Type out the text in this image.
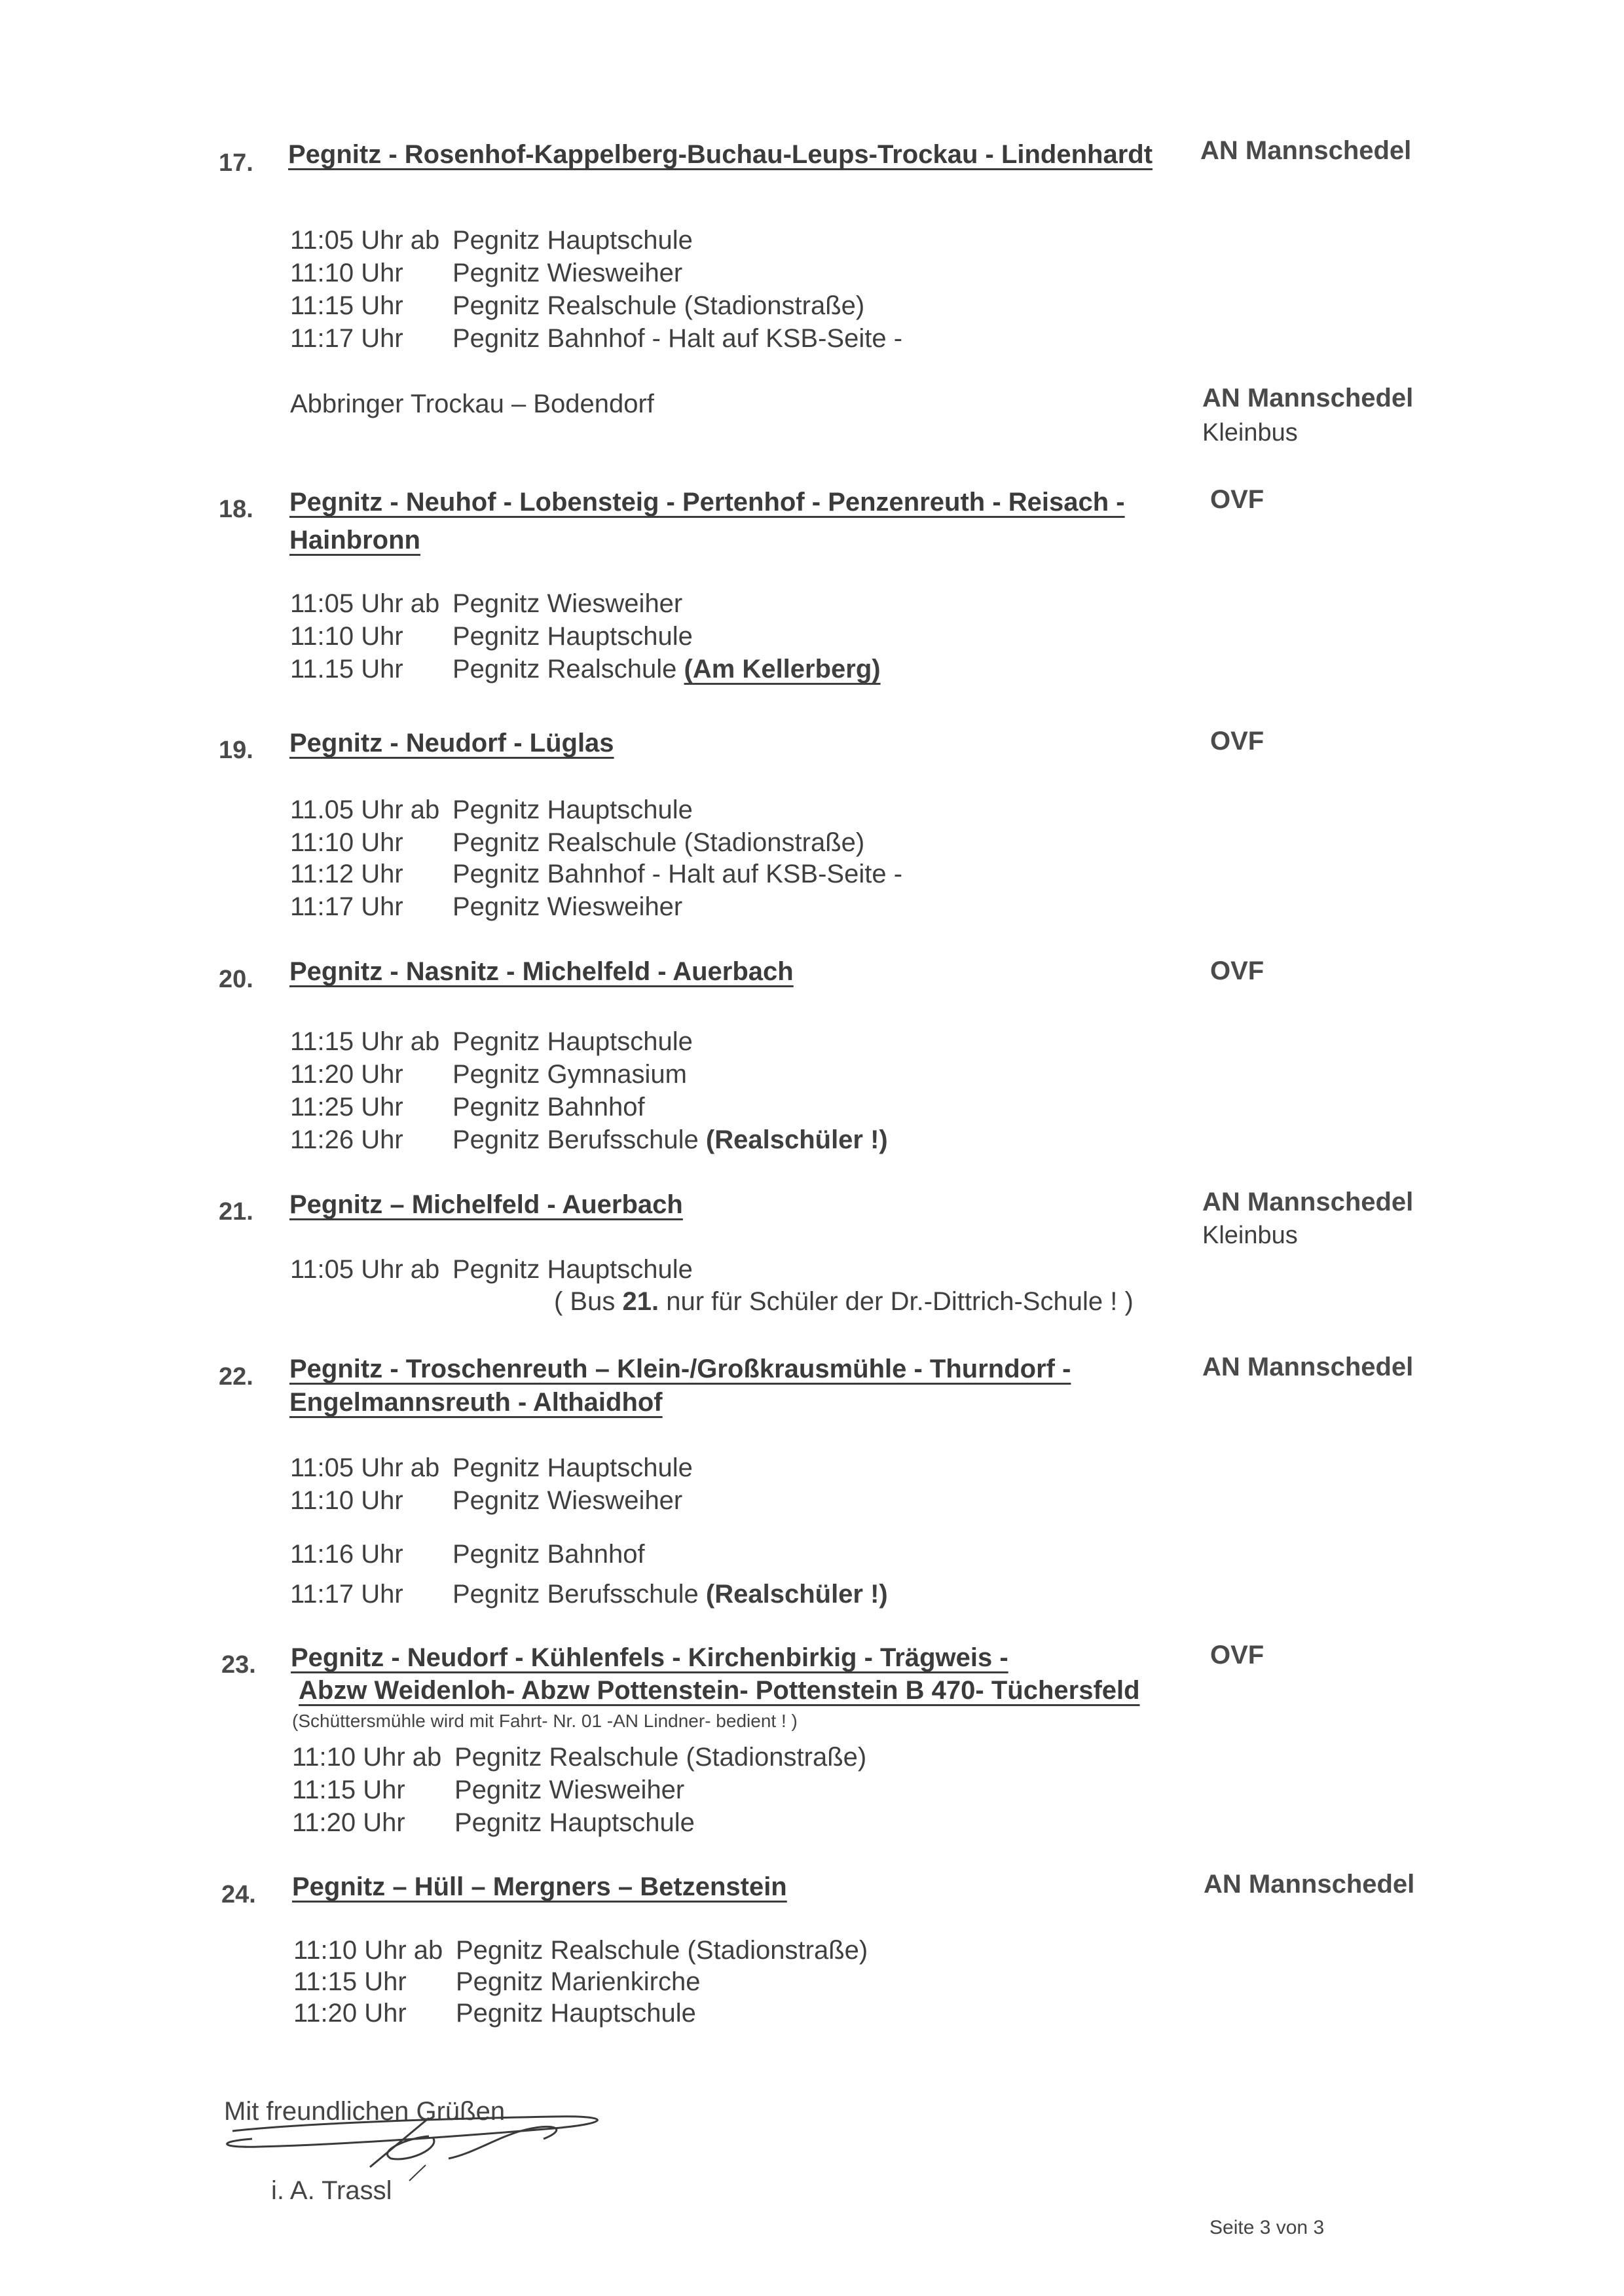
17. Pegnitz - Rosenhof-Kappelberg-Buchau-Leups-Trockau - Lindenhardt AN Mannschedel
11:05 Uhr ab Pegnitz Hauptschule
11:10 Uhr Pegnitz Wiesweiher
11:15 Uhr Pegnitz Realschule (Stadionstraße)
11:17 Uhr Pegnitz Bahnhof - Halt auf KSB-Seite -
Abbringer Trockau – Bodendorf	AN Mannschedel
Kleinbus
18. Pegnitz - Neuhof - Lobensteig - Pertenhof - Penzenreuth - Reisach -
Hainbronn
OVF
11:05 Uhr ab Pegnitz Wiesweiher
11:10 Uhr Pegnitz Hauptschule
11.15 Uhr Pegnitz Realschule (Am Kellerberg)
19. Pegnitz - Neudorf - Lüglas	OVF
11.05 Uhr ab Pegnitz Hauptschule
11:10 Uhr Pegnitz Realschule (Stadionstraße)
11:12 Uhr Pegnitz Bahnhof - Halt auf KSB-Seite -
11:17 Uhr Pegnitz Wiesweiher
20. Pegnitz - Nasnitz - Michelfeld - Auerbach	OVF
11:15 Uhr ab Pegnitz Hauptschule
11:20 Uhr Pegnitz Gymnasium
11:25 Uhr Pegnitz Bahnhof
11:26 Uhr Pegnitz Berufsschule (Realschüler !)
21. Pegnitz – Michelfeld - Auerbach	AN Mannschedel
Kleinbus
11:05 Uhr ab Pegnitz Hauptschule
( Bus 21. nur für Schüler der Dr.-Dittrich-Schule ! )
22. Pegnitz - Troschenreuth – Klein-/Großkrausmühle - Thurndorf -
Engelmannsreuth - Althaidhof
AN Mannschedel
11:05 Uhr ab Pegnitz Hauptschule
11:10 Uhr Pegnitz Wiesweiher
11:16 Uhr Pegnitz Bahnhof
11:17 Uhr Pegnitz Berufsschule (Realschüler !)
23. Pegnitz - Neudorf - Kühlenfels - Kirchenbirkig - Trägweis -
Abzw Weidenloh- Abzw Pottenstein- Pottenstein B 470- Tüchersfeld
(Schüttersmühle wird mit Fahrt- Nr. 01 -AN Lindner- bedient ! )
OVF
11:10 Uhr ab Pegnitz Realschule (Stadionstraße)
11:15 Uhr Pegnitz Wiesweiher
11:20 Uhr Pegnitz Hauptschule
24. Pegnitz – Hüll – Mergners – Betzenstein	AN Mannschedel
11:10 Uhr ab Pegnitz Realschule (Stadionstraße)
11:15 Uhr Pegnitz Marienkirche
11:20 Uhr Pegnitz Hauptschule
Mit freundlichen Grüßen
i. A. Trassl
Seite 3 von 3
